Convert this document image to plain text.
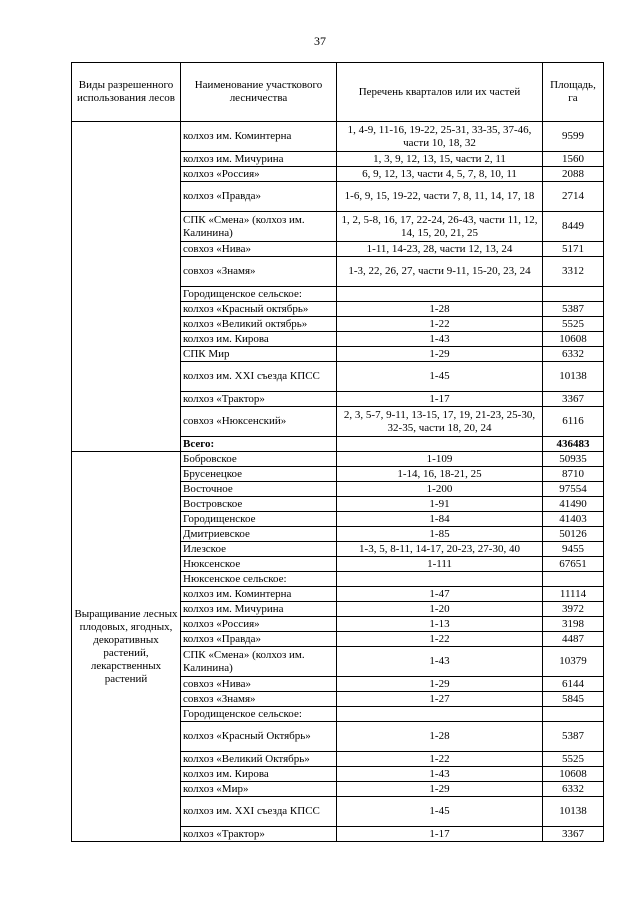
37
Виды разрешенного использования лесов	Наименование участкового лесничества	Перечень кварталов или их частей	Площадь, га
	колхоз им. Коминтерна	1, 4-9, 11-16, 19-22, 25-31, 33-35, 37-46, части 10, 18, 32	9599
	колхоз им. Мичурина	1, 3, 9, 12, 13, 15, части 2, 11	1560
	колхоз «Россия»	6, 9, 12, 13, части 4, 5, 7, 8, 10, 11	2088
	колхоз «Правда»	1-6, 9, 15, 19-22, части 7, 8, 11, 14, 17, 18	2714
	СПК «Смена» (колхоз им. Калинина)	1, 2, 5-8, 16, 17, 22-24, 26-43, части 11, 12, 14, 15, 20, 21, 25	8449
	совхоз «Нива»	1-11, 14-23, 28, части 12, 13, 24	5171
	совхоз «Знамя»	1-3, 22, 26, 27, части 9-11, 15-20, 23, 24	3312
	Городищенское сельское:		
	колхоз «Красный октябрь»	1-28	5387
	колхоз «Великий октябрь»	1-22	5525
	колхоз им. Кирова	1-43	10608
	СПК Мир	1-29	6332
	колхоз им. XXI съезда КПСС	1-45	10138
	колхоз «Трактор»	1-17	3367
	совхоз «Нюксенский»	2, 3, 5-7, 9-11, 13-15, 17, 19, 21-23, 25-30, 32-35, части 18, 20, 24	6116
	Всего:		436483
Выращивание лесных плодовых, ягодных, декоративных растений, лекарственных растений	Бобровское	1-109	50935
	Брусенецкое	1-14, 16, 18-21, 25	8710
	Восточное	1-200	97554
	Востровское	1-91	41490
	Городищенское	1-84	41403
	Дмитриевское	1-85	50126
	Илезское	1-3, 5, 8-11, 14-17, 20-23, 27-30, 40	9455
	Нюксенское	1-111	67651
	Нюксенское сельское:		
	колхоз им. Коминтерна	1-47	11114
	колхоз им. Мичурина	1-20	3972
	колхоз «Россия»	1-13	3198
	колхоз «Правда»	1-22	4487
	СПК «Смена» (колхоз им. Калинина)	1-43	10379
	совхоз «Нива»	1-29	6144
	совхоз «Знамя»	1-27	5845
	Городищенское сельское:		
	колхоз «Красный Октябрь»	1-28	5387
	колхоз «Великий Октябрь»	1-22	5525
	колхоз им. Кирова	1-43	10608
	колхоз «Мир»	1-29	6332
	колхоз им. XXI съезда КПСС	1-45	10138
	колхоз «Трактор»	1-17	3367
